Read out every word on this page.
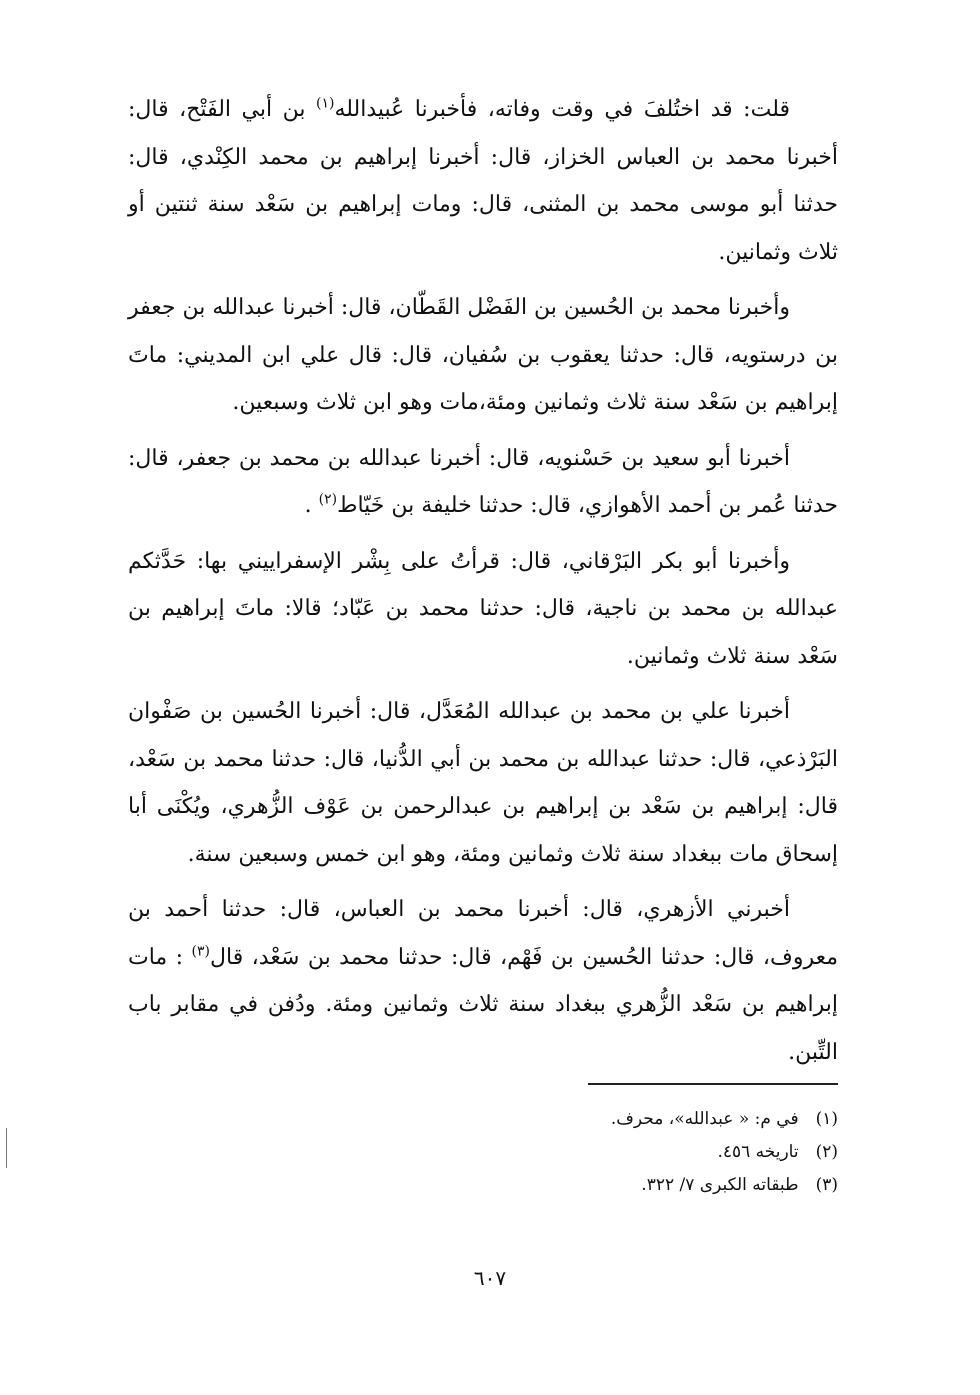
قلت: قد اختُلفَ في وقت وفاته، فأخبرنا عُبيدالله$^{(١)}$ بن أبي الفَتْح، قال: أخبرنا محمد بن العباس الخزاز، قال: أخبرنا إبراهيم بن محمد الكِنْدي، قال: حدثنا أبو موسى محمد بن المثنى، قال: ومات إبراهيم بن سَعْد سنة ثنتين أو ثلاث وثمانين.

وأخبرنا محمد بن الحُسين بن الفَضْل القَطّان، قال: أخبرنا عبدالله بن جعفر بن درستويه، قال: حدثنا يعقوب بن سُفيان، قال: قال علي ابن المديني: ماتَ إبراهيم بن سَعْد سنة ثلاث وثمانين ومئة،مات وهو ابن ثلاث وسبعين.

أخبرنا أبو سعيد بن حَسْنويه، قال: أخبرنا عبدالله بن محمد بن جعفر، قال: حدثنا عُمر بن أحمد الأهوازي، قال: حدثنا خليفة بن خَيّاط$^{(٢)}$ .

وأخبرنا أبو بكر البَرْقاني، قال: قرأتُ على بِشْر الإسفراييني بها: حَدَّثكم عبدالله بن محمد بن ناجية، قال: حدثنا محمد بن عَبّاد؛ قالا: ماتَ إبراهيم بن سَعْد سنة ثلاث وثمانين.

أخبرنا علي بن محمد بن عبدالله المُعَدَّل، قال: أخبرنا الحُسين بن صَفْوان البَرْذعي، قال: حدثنا عبدالله بن محمد بن أبي الدُّنيا، قال: حدثنا محمد بن سَعْد، قال: إبراهيم بن سَعْد بن إبراهيم بن عبدالرحمن بن عَوْف الزُّهري، ويُكْنَى أبا إسحاق مات ببغداد سنة ثلاث وثمانين ومئة، وهو ابن خمس وسبعين سنة.

أخبرني الأزهري، قال: أخبرنا محمد بن العباس، قال: حدثنا أحمد بن معروف، قال: حدثنا الحُسين بن فَهْم، قال: حدثنا محمد بن سَعْد، قال$^{(٣)}$ : مات إبراهيم بن سَعْد الزُّهري ببغداد سنة ثلاث وثمانين ومئة. ودُفن في مقابر باب التِّبن.

(١) في م: « عبدالله»، محرف.
(٢) تاريخه ٤٥٦.
(٣) طبقاته الكبرى ٧/ ٣٢٢.
٦٠٧
